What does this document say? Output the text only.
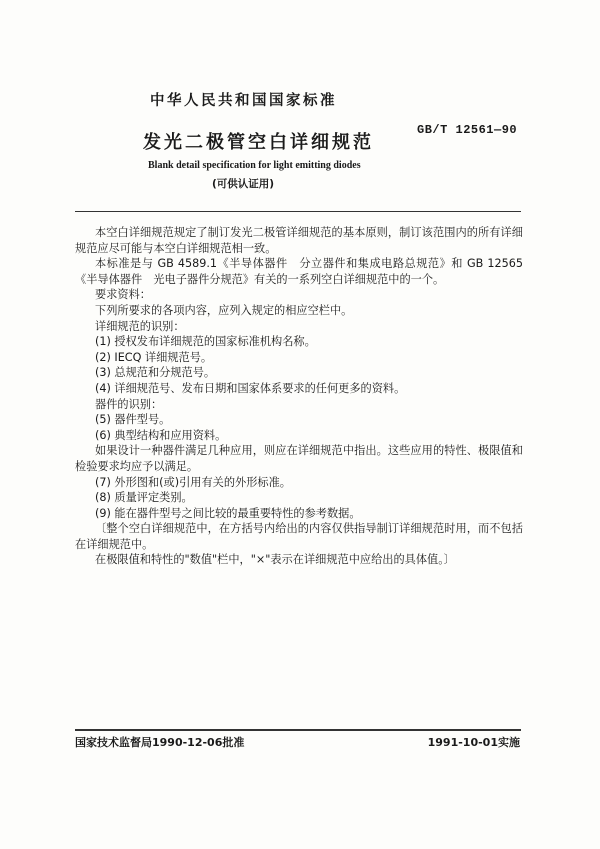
中华人民共和国国家标准
发光二极管空白详细规范
GB/T 12561—90
Blank detail specification for light emitting diodes
(可供认证用)

本空白详细规范规定了制订发光二极管详细规范的基本原则，制订该范围内的所有详细规范应尽可能与本空白详细规范相一致。

本标准是与 GB 4589.1《半导体器件　分立器件和集成电路总规范》和 GB 12565《半导体器件　光电子器件分规范》有关的一系列空白详细规范中的一个。

要求资料：

下列所要求的各项内容，应列入规定的相应空栏中。

详细规范的识别：

(1) 授权发布详细规范的国家标准机构名称。

(2) IECQ 详细规范号。

(3) 总规范和分规范号。

(4) 详细规范号、发布日期和国家体系要求的任何更多的资料。

器件的识别：

(5) 器件型号。

(6) 典型结构和应用资料。

如果设计一种器件满足几种应用，则应在详细规范中指出。这些应用的特性、极限值和检验要求均应予以满足。

(7) 外形图和(或)引用有关的外形标准。

(8) 质量评定类别。

(9) 能在器件型号之间比较的最重要特性的参考数据。

〔整个空白详细规范中，在方括号内给出的内容仅供指导制订详细规范时用，而不包括在详细规范中。

在极限值和特性的"数值"栏中，"×"表示在详细规范中应给出的具体值。〕

国家技术监督局1990-12-06批准	1991-10-01实施
